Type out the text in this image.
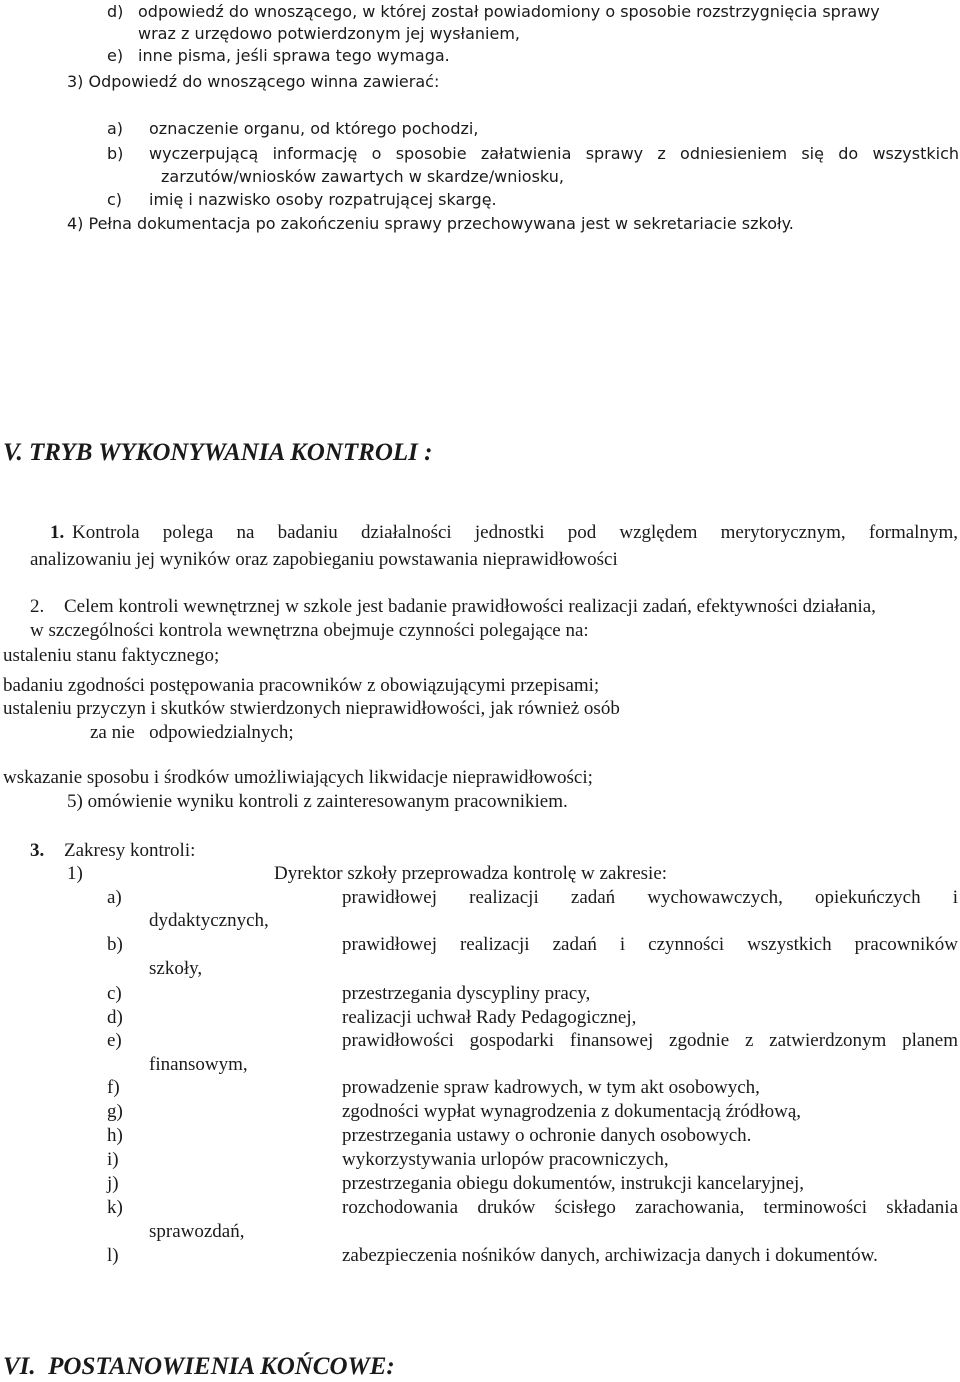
d) odpowiedź do wnoszącego, w której został powiadomiony o sposobie rozstrzygnięcia sprawy
wraz z urzędowo potwierdzonym jej wysłaniem,
e) inne pisma, jeśli sprawa tego wymaga.
3) Odpowiedź do wnoszącego winna zawierać:
a) oznaczenie organu, od którego pochodzi,
b) wyczerpującą informację o sposobie załatwienia sprawy z odniesieniem się do wszystkich
zarzutów/wniosków zawartych w skardze/wniosku,
c) imię i nazwisko osoby rozpatrującej skargę.
4) Pełna dokumentacja po zakończeniu sprawy przechowywana jest w sekretariacie szkoły.
V. TRYB WYKONYWANIA KONTROLI :
1. Kontrola polega na badaniu działalności jednostki pod względem merytorycznym, formalnym,
analizowaniu jej wyników oraz zapobieganiu powstawania nieprawidłowości
2. Celem kontroli wewnętrznej w szkole jest badanie prawidłowości realizacji zadań, efektywności działania,
w szczególności kontrola wewnętrzna obejmuje czynności polegające na:
ustaleniu stanu faktycznego;
badaniu zgodności postępowania pracowników z obowiązującymi przepisami;
ustaleniu przyczyn i skutków stwierdzonych nieprawidłowości, jak również osób
za nie   odpowiedzialnych;
wskazanie sposobu i środków umożliwiających likwidacje nieprawidłowości;
5) omówienie wyniku kontroli z zainteresowanym pracownikiem.
3. Zakresy kontroli:
1)	Dyrektor szkoły przeprowadza kontrolę w zakresie:
a)	prawidłowej realizacji zadań wychowawczych, opiekuńczych i
dydaktycznych,
b)	prawidłowej realizacji zadań i czynności wszystkich pracowników
szkoły,
c)	przestrzegania dyscypliny pracy,
d)	realizacji uchwał Rady Pedagogicznej,
e)	prawidłowości gospodarki finansowej zgodnie z zatwierdzonym planem
finansowym,
f)	prowadzenie spraw kadrowych, w tym akt osobowych,
g)	zgodności wypłat wynagrodzenia z dokumentacją źródłową,
h)	przestrzegania ustawy o ochronie danych osobowych.
i)	wykorzystywania urlopów pracowniczych,
j)	przestrzegania obiegu dokumentów, instrukcji kancelaryjnej,
k)	rozchodowania druków ścisłego zarachowania, terminowości składania
sprawozdań,
l)	zabezpieczenia nośników danych, archiwizacja danych i dokumentów.
VI.  POSTANOWIENIA KOŃCOWE:
